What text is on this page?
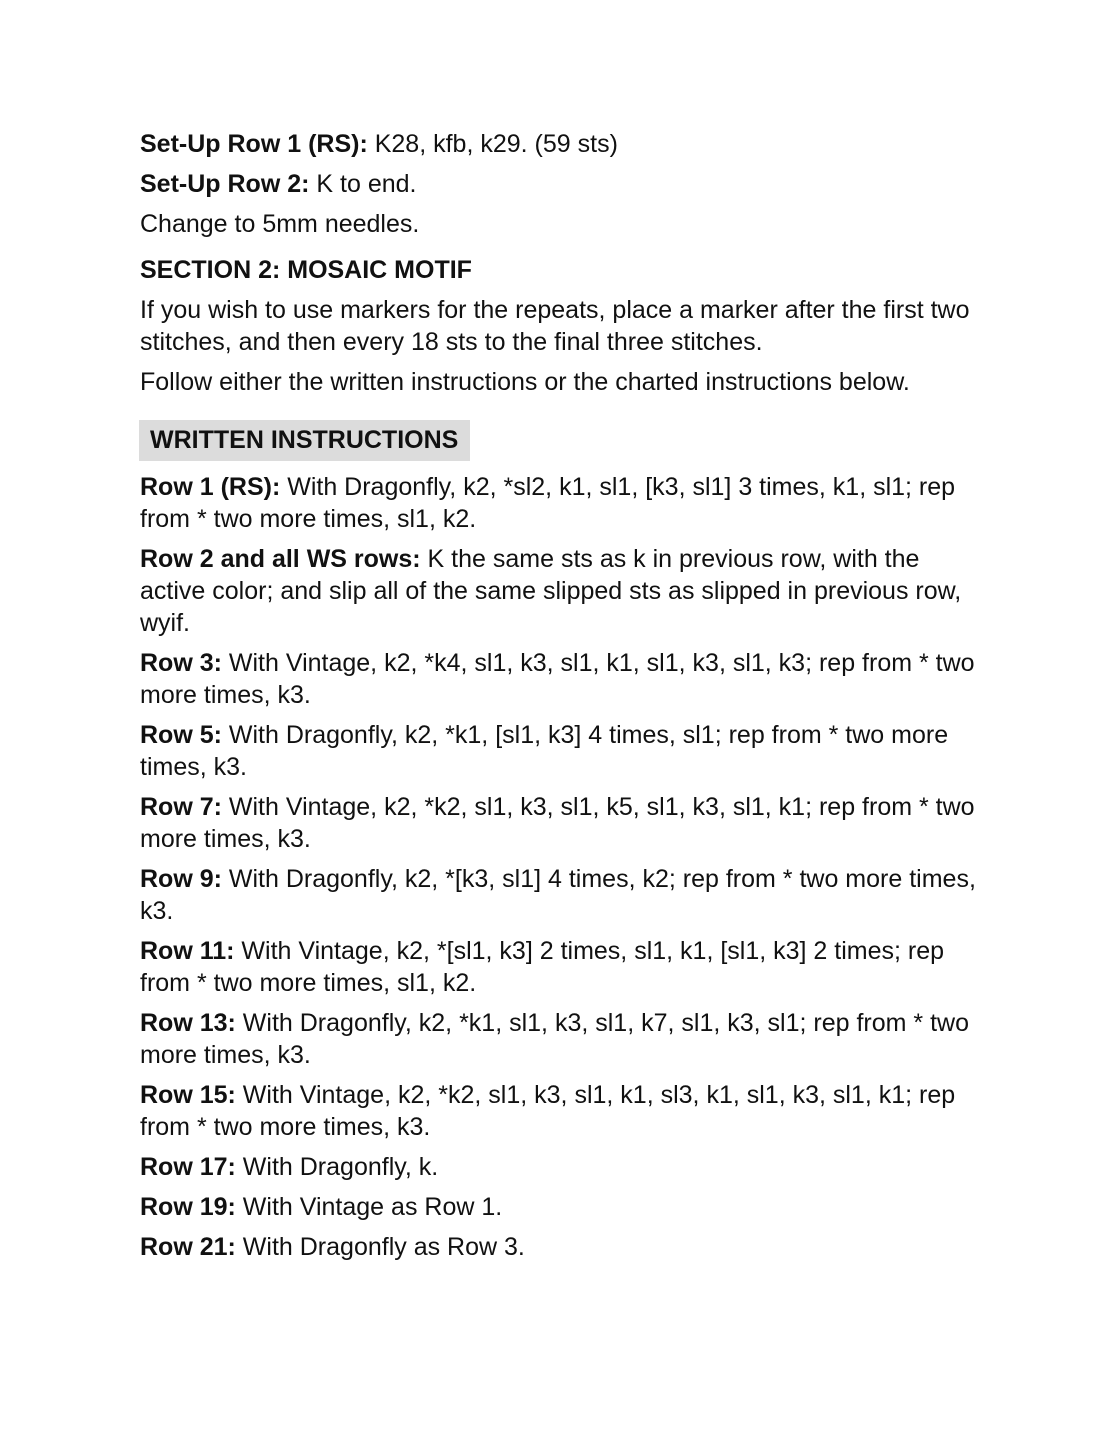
Set-Up Row 1 (RS): K28, kfb, k29. (59 sts)

Set-Up Row 2: K to end.

Change to 5mm needles.

SECTION 2: MOSAIC MOTIF

If you wish to use markers for the repeats, place a marker after the first two stitches, and then every 18 sts to the final three stitches.

Follow either the written instructions or the charted instructions below.

WRITTEN INSTRUCTIONS

Row 1 (RS): With Dragonfly, k2, *sl2, k1, sl1, [k3, sl1] 3 times, k1, sl1; rep from * two more times, sl1, k2.

Row 2 and all WS rows: K the same sts as k in previous row, with the active color; and slip all of the same slipped sts as slipped in previous row, wyif.

Row 3: With Vintage, k2, *k4, sl1, k3, sl1, k1, sl1, k3, sl1, k3; rep from * two more times, k3.

Row 5: With Dragonfly, k2, *k1, [sl1, k3] 4 times, sl1; rep from * two more times, k3.

Row 7: With Vintage, k2, *k2, sl1, k3, sl1, k5, sl1, k3, sl1, k1; rep from * two more times, k3.

Row 9: With Dragonfly, k2, *[k3, sl1] 4 times, k2; rep from * two more times, k3.

Row 11: With Vintage, k2, *[sl1, k3] 2 times, sl1, k1, [sl1, k3] 2 times; rep from * two more times, sl1, k2.

Row 13: With Dragonfly, k2, *k1, sl1, k3, sl1, k7, sl1, k3, sl1; rep from * two more times, k3.

Row 15: With Vintage, k2, *k2, sl1, k3, sl1, k1, sl3, k1, sl1, k3, sl1, k1; rep from * two more times, k3.

Row 17: With Dragonfly, k.

Row 19: With Vintage as Row 1.

Row 21: With Dragonfly as Row 3.
